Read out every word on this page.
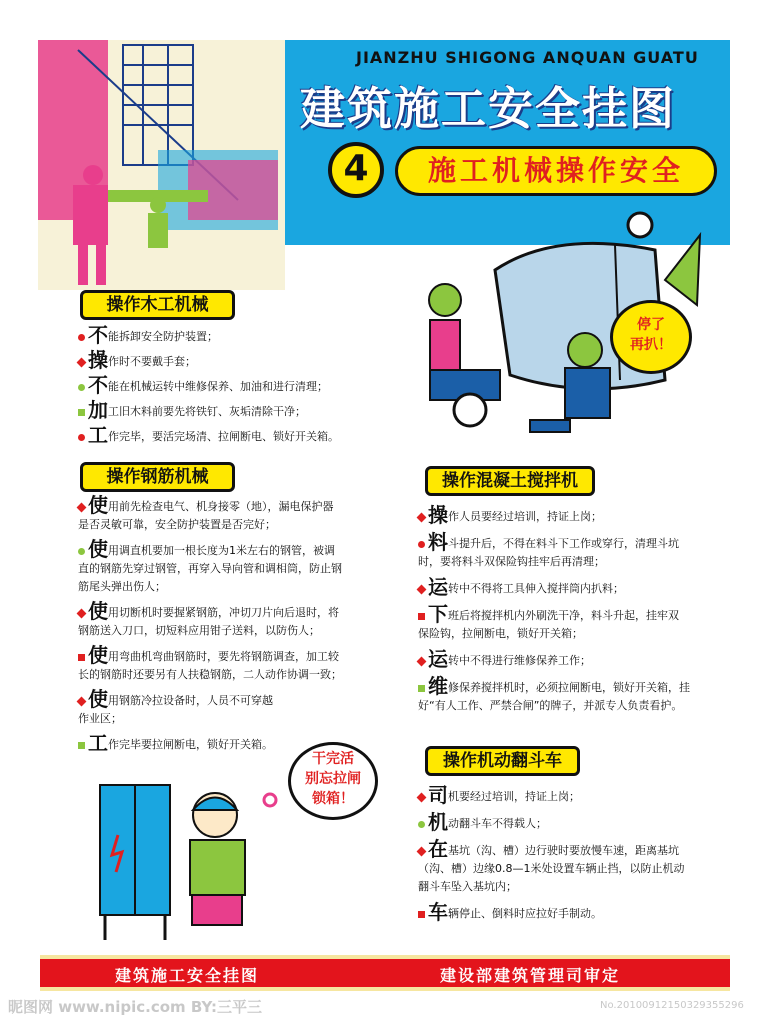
JIANZHU SHIGONG ANQUAN GUATU
建筑施工安全挂图
4	施工机械操作安全
操作木工机械
不能拆卸安全防护装置；
操作时不要戴手套；
不能在机械运转中维修保养、加油和进行清理；
加工旧木料前要先将铁钉、灰垢清除干净；
工作完毕，要活完场清、拉闸断电、锁好开关箱。
操作钢筋机械
使用前先检查电气、机身接零（地），漏电保护器
是否灵敏可靠，安全防护装置是否完好；
使用调直机要加一根长度为1米左右的钢管，被调
直的钢筋先穿过钢管，再穿入导向管和调相筒，防止钢
筋尾头弹出伤人；
使用切断机时要握紧钢筋，冲切刀片向后退时，将
钢筋送入刀口，切短料应用钳子送料，以防伤人；
使用弯曲机弯曲钢筋时，要先将钢筋调查，加工较
长的钢筋时还要另有人扶稳钢筋，二人动作协调一致；
使用钢筋冷拉设备时，人员不可穿越
作业区；
工作完毕要拉闸断电，锁好开关箱。
操作混凝土搅拌机
操作人员要经过培训，持证上岗；
料斗提升后，不得在料斗下工作或穿行，清理斗坑
时，要将料斗双保险钩挂牢后再清理；
运转中不得将工具伸入搅拌筒内扒料；
下班后将搅拌机内外刷洗干净，料斗升起，挂牢双
保险钩，拉闸断电，锁好开关箱；
运转中不得进行维修保养工作；
维修保养搅拌机时，必须拉闸断电，锁好开关箱，挂
好“有人工作、严禁合闸”的牌子，并派专人负责看护。
操作机动翻斗车
司机要经过培训，持证上岗；
机动翻斗车不得载人；
在基坑（沟、槽）边行驶时要放慢车速，距离基坑
（沟、槽）边缘0.8—1米处设置车辆止挡，以防止机动
翻斗车坠入基坑内；
车辆停止、倒料时应拉好手制动。
停了
再扒！
干完活
别忘拉闸
锁箱！
建筑施工安全挂图	建设部建筑管理司审定
昵图网 www.nipic.com BY:三平三	No.20100912150329355296
